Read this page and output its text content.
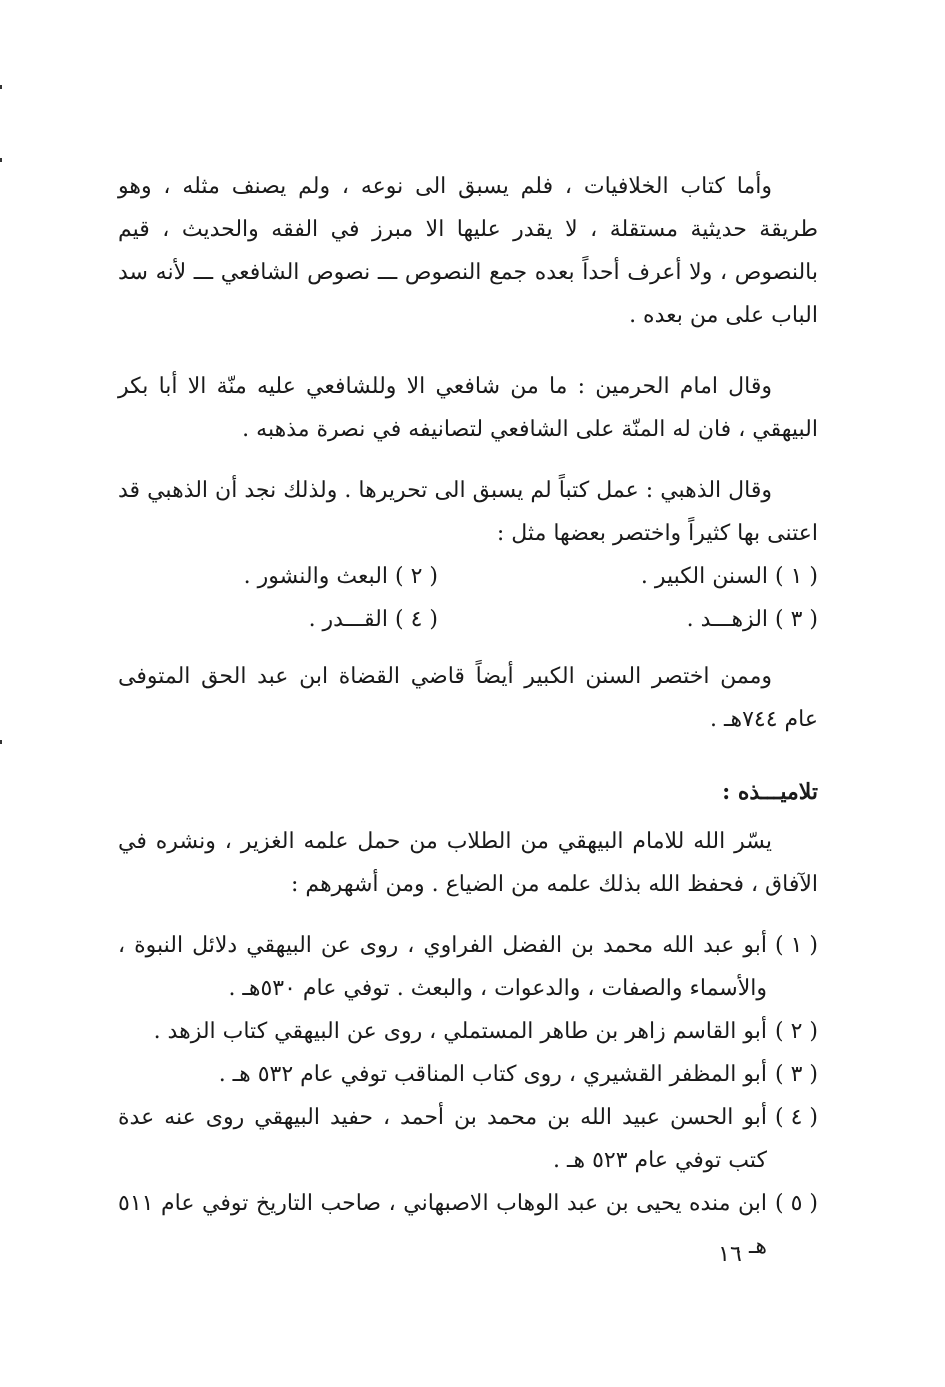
وأما كتاب الخلافيات ، فلم يسبق الى نوعه ، ولم يصنف مثله ، وهو طريقة حديثية مستقلة ، لا يقدر عليها الا مبرز في الفقه والحديث ، قيم بالنصوص ، ولا أعرف أحداً بعده جمع النصوص ـــ نصوص الشافعي ـــ لأنه سد الباب على من بعده .

وقال امام الحرمين : ما من شافعي الا وللشافعي عليه منّة الا أبا بكر البيهقي ، فان له المنّة على الشافعي لتصانيفه في نصرة مذهبه .

وقال الذهبي : عمل كتباً لم يسبق الى تحريرها . ولذلك نجد أن الذهبي قد اعتنى بها كثيراً واختصر بعضها مثل :

( ١ ) السنن الكبير .
( ٢ ) البعث والنشور .
( ٣ ) الزهـــد .
( ٤ ) القـــدر .

وممن اختصر السنن الكبير أيضاً قاضي القضاة ابن عبد الحق المتوفى عام ٧٤٤هـ .

تلاميـــذه :

يسّر الله للامام البيهقي من الطلاب من حمل علمه الغزير ، ونشره في الآفاق ، فحفظ الله بذلك علمه من الضياع . ومن أشهرهم :

( ١ )
أبو عبد الله محمد بن الفضل الفراوي ، روى عن البيهقي دلائل النبوة ، والأسماء والصفات ، والدعوات ، والبعث . توفي عام ٥٣٠هـ .
( ٢ )
أبو القاسم زاهر بن طاهر المستملي ، روى عن البيهقي كتاب الزهد .
( ٣ )
أبو المظفر القشيري ، روى كتاب المناقب توفي عام ٥٣٢ هـ .
( ٤ )
أبو الحسن عبيد الله بن محمد بن أحمد ، حفيد البيهقي روى عنه عدة كتب توفي عام ٥٢٣ هـ .
( ٥ )
ابن منده يحيى بن عبد الوهاب الاصبهاني ، صاحب التاريخ توفي عام ٥١١ هـ .
١٦
